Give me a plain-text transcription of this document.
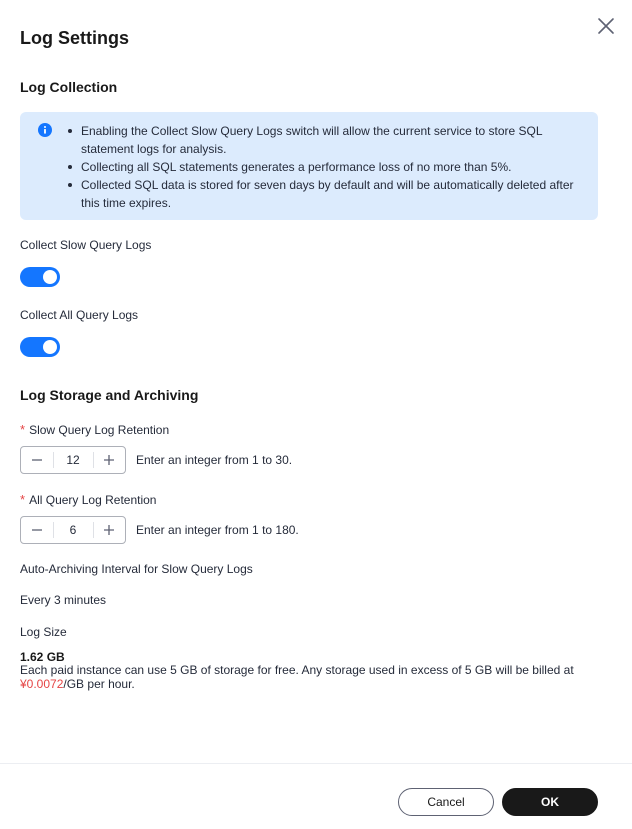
Log Settings
Log Collection
Enabling the Collect Slow Query Logs switch will allow the current service to store SQL statement logs for analysis.
Collecting all SQL statements generates a performance loss of no more than 5%.
Collected SQL data is stored for seven days by default and will be automatically deleted after this time expires.
Collect Slow Query Logs
Collect All Query Logs
Log Storage and Archiving
* Slow Query Log Retention
12
Enter an integer from 1 to 30.
* All Query Log Retention
6
Enter an integer from 1 to 180.
Auto-Archiving Interval for Slow Query Logs
Every 3 minutes
Log Size
1.62 GB
Each paid instance can use 5 GB of storage for free. Any storage used in excess of 5 GB will be billed at
¥0.0072/GB per hour.
Cancel	OK
